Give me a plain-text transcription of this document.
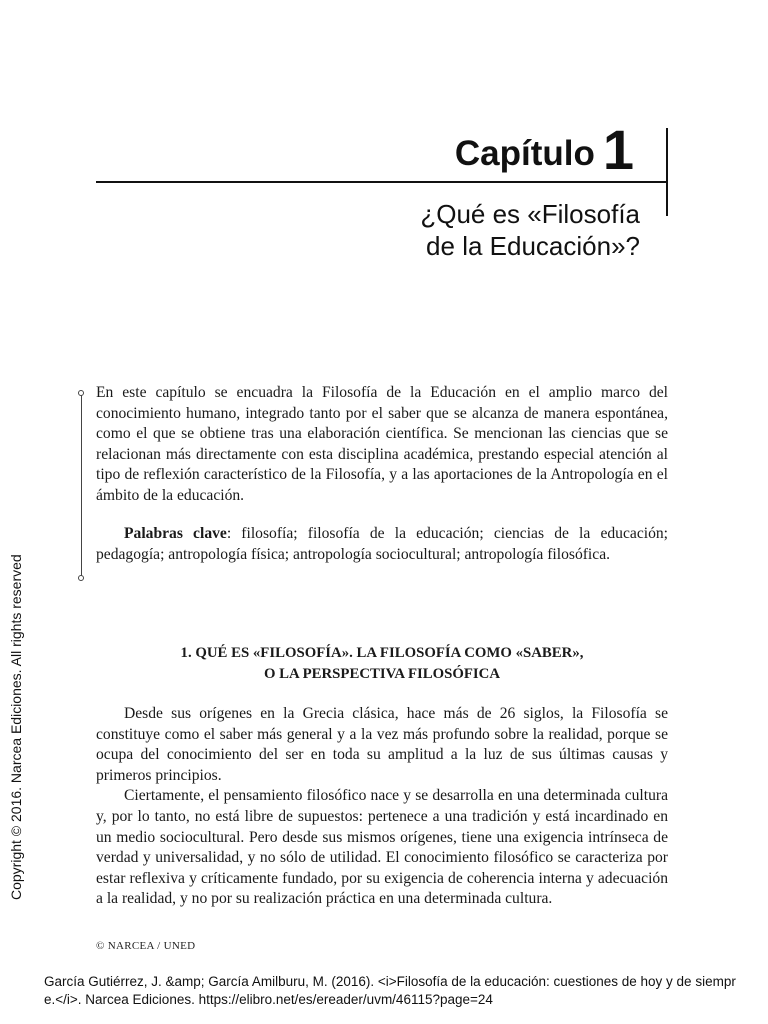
Capítulo 1
¿Qué es «Filosofía
de la Educación»?

En este capítulo se encuadra la Filosofía de la Educación en el amplio marco del conocimiento humano, integrado tanto por el saber que se alcanza de manera espontánea, como el que se obtiene tras una elaboración científica. Se mencionan las ciencias que se relacionan más directamente con esta disciplina académica, prestando especial atención al tipo de reflexión característico de la Filosofía, y a las aportaciones de la Antropología en el ámbito de la educación.

Palabras clave: filosofía; filosofía de la educación; ciencias de la educación; pedagogía; antropología física; antropología sociocultural; antropología filosófica.

1. QUÉ ES «FILOSOFÍA». LA FILOSOFÍA COMO «SABER»,
O LA PERSPECTIVA FILOSÓFICA

Desde sus orígenes en la Grecia clásica, hace más de 26 siglos, la Filosofía se constituye como el saber más general y a la vez más profundo sobre la realidad, porque se ocupa del conocimiento del ser en toda su amplitud a la luz de sus últimas causas y primeros principios.

Ciertamente, el pensamiento filosófico nace y se desarrolla en una determinada cultura y, por lo tanto, no está libre de supuestos: pertenece a una tradición y está incardinado en un medio sociocultural. Pero desde sus mismos orígenes, tiene una exigencia intrínseca de verdad y universalidad, y no sólo de utilidad. El conocimiento filosófico se caracteriza por estar reflexiva y críticamente fundado, por su exigencia de coherencia interna y adecuación a la realidad, y no por su realización práctica en una determinada cultura.

© NARCEA / UNED
Copyright © 2016. Narcea Ediciones. All rights reserved
García Gutiérrez, J. &amp; García Amilburu, M. (2016). <i>Filosofía de la educación: cuestiones de hoy y de siempre.</i>. Narcea Ediciones. https://elibro.net/es/ereader/uvm/46115?page=24
